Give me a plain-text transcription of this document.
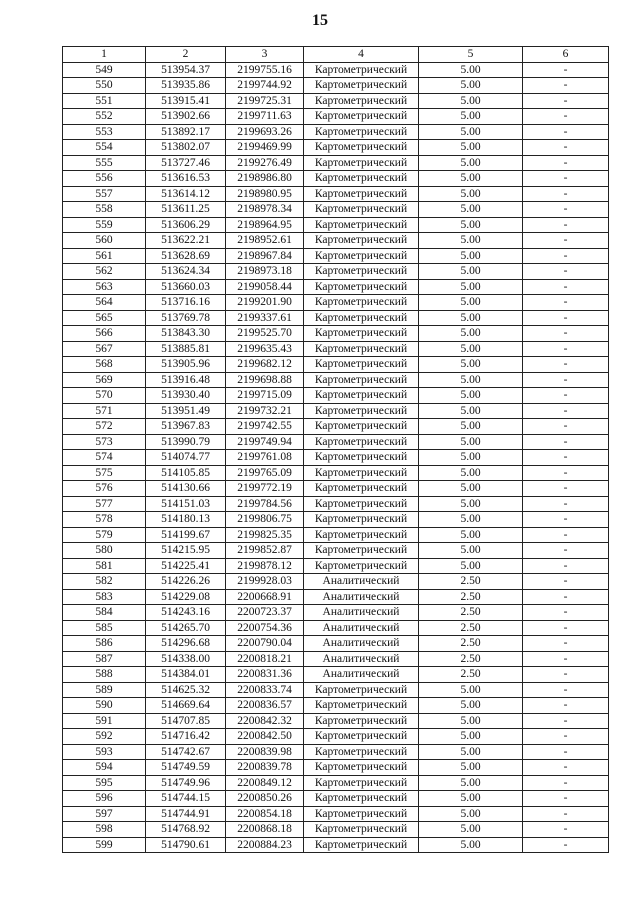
15
1	2	3	4	5	6
549	513954.37	2199755.16	Картометрический	5.00	-
550	513935.86	2199744.92	Картометрический	5.00	-
551	513915.41	2199725.31	Картометрический	5.00	-
552	513902.66	2199711.63	Картометрический	5.00	-
553	513892.17	2199693.26	Картометрический	5.00	-
554	513802.07	2199469.99	Картометрический	5.00	-
555	513727.46	2199276.49	Картометрический	5.00	-
556	513616.53	2198986.80	Картометрический	5.00	-
557	513614.12	2198980.95	Картометрический	5.00	-
558	513611.25	2198978.34	Картометрический	5.00	-
559	513606.29	2198964.95	Картометрический	5.00	-
560	513622.21	2198952.61	Картометрический	5.00	-
561	513628.69	2198967.84	Картометрический	5.00	-
562	513624.34	2198973.18	Картометрический	5.00	-
563	513660.03	2199058.44	Картометрический	5.00	-
564	513716.16	2199201.90	Картометрический	5.00	-
565	513769.78	2199337.61	Картометрический	5.00	-
566	513843.30	2199525.70	Картометрический	5.00	-
567	513885.81	2199635.43	Картометрический	5.00	-
568	513905.96	2199682.12	Картометрический	5.00	-
569	513916.48	2199698.88	Картометрический	5.00	-
570	513930.40	2199715.09	Картометрический	5.00	-
571	513951.49	2199732.21	Картометрический	5.00	-
572	513967.83	2199742.55	Картометрический	5.00	-
573	513990.79	2199749.94	Картометрический	5.00	-
574	514074.77	2199761.08	Картометрический	5.00	-
575	514105.85	2199765.09	Картометрический	5.00	-
576	514130.66	2199772.19	Картометрический	5.00	-
577	514151.03	2199784.56	Картометрический	5.00	-
578	514180.13	2199806.75	Картометрический	5.00	-
579	514199.67	2199825.35	Картометрический	5.00	-
580	514215.95	2199852.87	Картометрический	5.00	-
581	514225.41	2199878.12	Картометрический	5.00	-
582	514226.26	2199928.03	Аналитический	2.50	-
583	514229.08	2200668.91	Аналитический	2.50	-
584	514243.16	2200723.37	Аналитический	2.50	-
585	514265.70	2200754.36	Аналитический	2.50	-
586	514296.68	2200790.04	Аналитический	2.50	-
587	514338.00	2200818.21	Аналитический	2.50	-
588	514384.01	2200831.36	Аналитический	2.50	-
589	514625.32	2200833.74	Картометрический	5.00	-
590	514669.64	2200836.57	Картометрический	5.00	-
591	514707.85	2200842.32	Картометрический	5.00	-
592	514716.42	2200842.50	Картометрический	5.00	-
593	514742.67	2200839.98	Картометрический	5.00	-
594	514749.59	2200839.78	Картометрический	5.00	-
595	514749.96	2200849.12	Картометрический	5.00	-
596	514744.15	2200850.26	Картометрический	5.00	-
597	514744.91	2200854.18	Картометрический	5.00	-
598	514768.92	2200868.18	Картометрический	5.00	-
599	514790.61	2200884.23	Картометрический	5.00	-
